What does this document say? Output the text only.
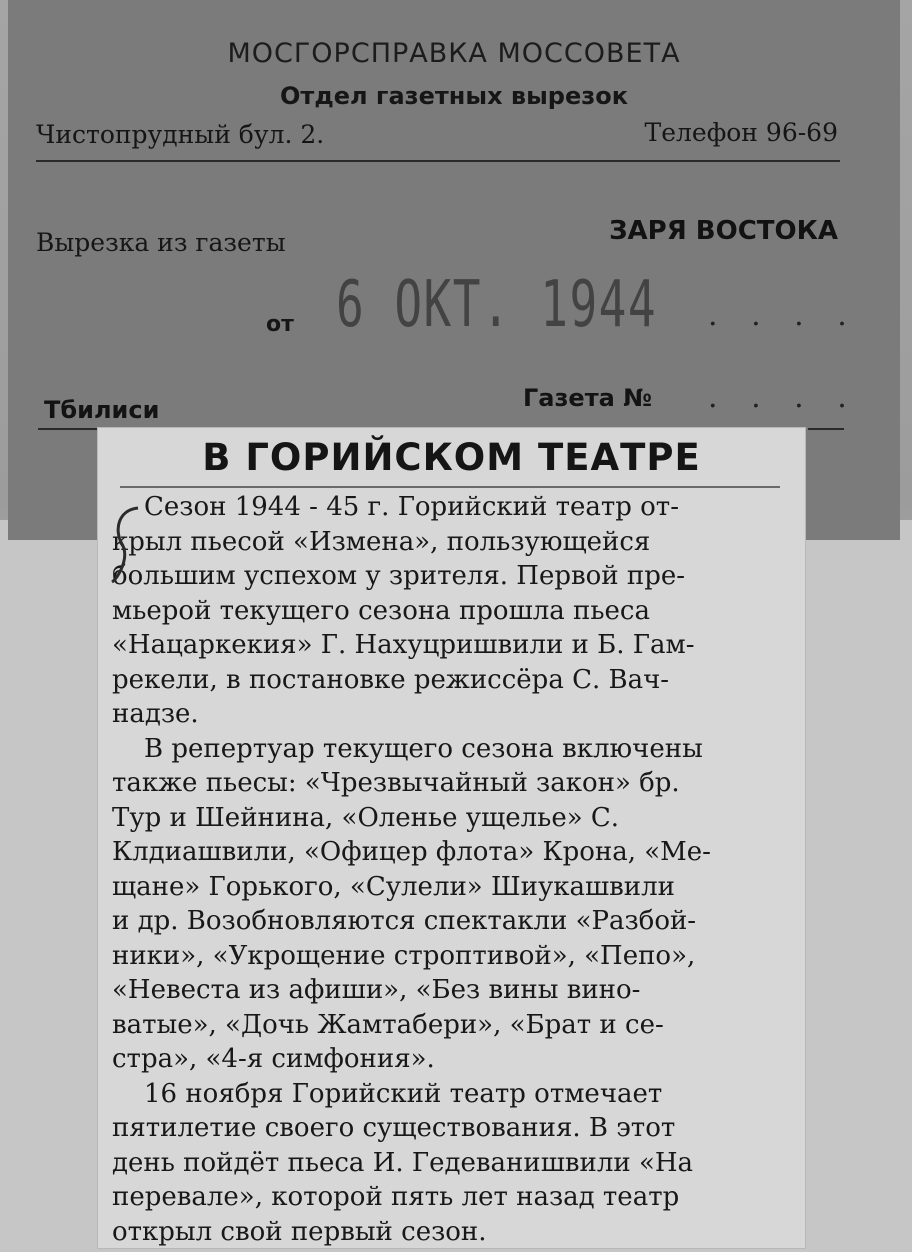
МОСГОРСПРАВКА МОССОВЕТА
Отдел газетных вырезок
Чистопрудный бул. 2.	Телефон 96-69
Вырезка из газеты	ЗАРЯ ВОСТОКА
от 6 ОКТ. 1944 . . . .
Тбилиси	Газета № . . . .
В ГОРИЙСКОМ ТЕАТРЕ

Сезон 1944 - 45 г. Горийский театр от-
крыл пьесой «Измена», пользующейся
большим успехом у зрителя. Первой пре-
мьерой текущего сезона прошла пьеса
«Нацаркекия» Г. Нахуцришвили и Б. Гам-
рекели, в постановке режиссёра С. Вач-
надзе.

В репертуар текущего сезона включены
также пьесы: «Чрезвычайный закон» бр.
Тур и Шейнина, «Оленье ущелье» С.
Клдиашвили, «Офицер флота» Крона, «Ме-
щане» Горького, «Сулели» Шиукашвили
и др. Возобновляются спектакли «Разбой-
ники», «Укрощение строптивой», «Пепо»,
«Невеста из афиши», «Без вины вино-
ватые», «Дочь Жамтабери», «Брат и се-
стра», «4-я симфония».

16 ноября Горийский театр отмечает
пятилетие своего существования. В этот
день пойдёт пьеса И. Гедеванишвили «На
перевале», которой пять лет назад театр
открыл свой первый сезон.
